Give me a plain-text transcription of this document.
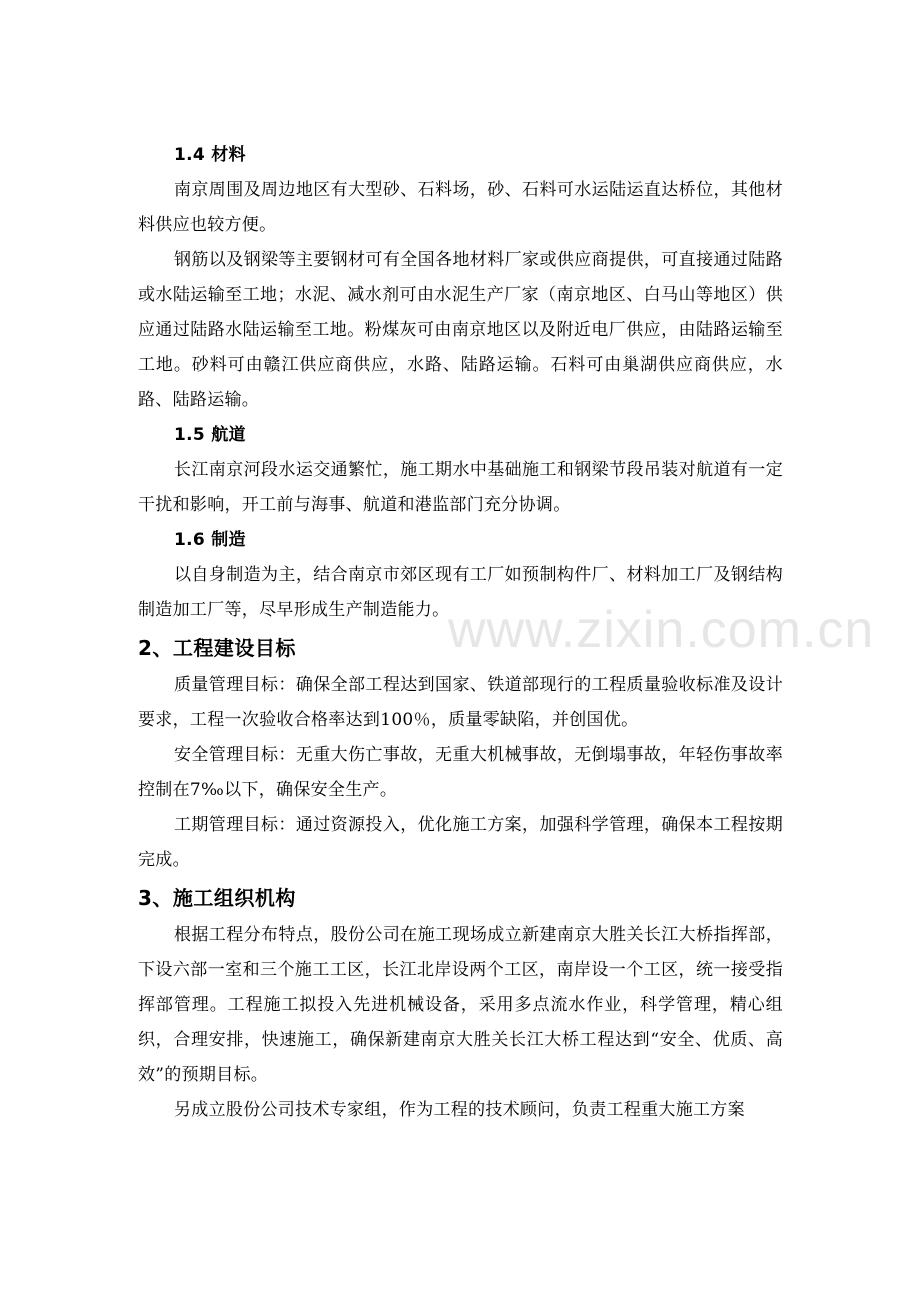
www.zixin.com.cn

1.4 材料

南京周围及周边地区有大型砂、石料场，砂、石料可水运陆运直达桥位，其他材料供应也较方便。

钢筋以及钢梁等主要钢材可有全国各地材料厂家或供应商提供，可直接通过陆路或水陆运输至工地；水泥、减水剂可由水泥生产厂家（南京地区、白马山等地区）供应通过陆路水陆运输至工地。粉煤灰可由南京地区以及附近电厂供应，由陆路运输至工地。砂料可由赣江供应商供应，水路、陆路运输。石料可由巢湖供应商供应，水路、陆路运输。

1.5 航道

长江南京河段水运交通繁忙，施工期水中基础施工和钢梁节段吊装对航道有一定干扰和影响，开工前与海事、航道和港监部门充分协调。

1.6 制造

以自身制造为主，结合南京市郊区现有工厂如预制构件厂、材料加工厂及钢结构制造加工厂等，尽早形成生产制造能力。

2、工程建设目标

质量管理目标：确保全部工程达到国家、铁道部现行的工程质量验收标准及设计要求，工程一次验收合格率达到100％，质量零缺陷，并创国优。

安全管理目标：无重大伤亡事故，无重大机械事故，无倒塌事故，年轻伤事故率控制在7‰以下，确保安全生产。

工期管理目标：通过资源投入，优化施工方案，加强科学管理，确保本工程按期完成。

3、施工组织机构

根据工程分布特点，股份公司在施工现场成立新建南京大胜关长江大桥指挥部，下设六部一室和三个施工工区，长江北岸设两个工区，南岸设一个工区，统一接受指挥部管理。工程施工拟投入先进机械设备，采用多点流水作业，科学管理，精心组织，合理安排，快速施工，确保新建南京大胜关长江大桥工程达到“安全、优质、高效”的预期目标。

另成立股份公司技术专家组，作为工程的技术顾问，负责工程重大施工方案
